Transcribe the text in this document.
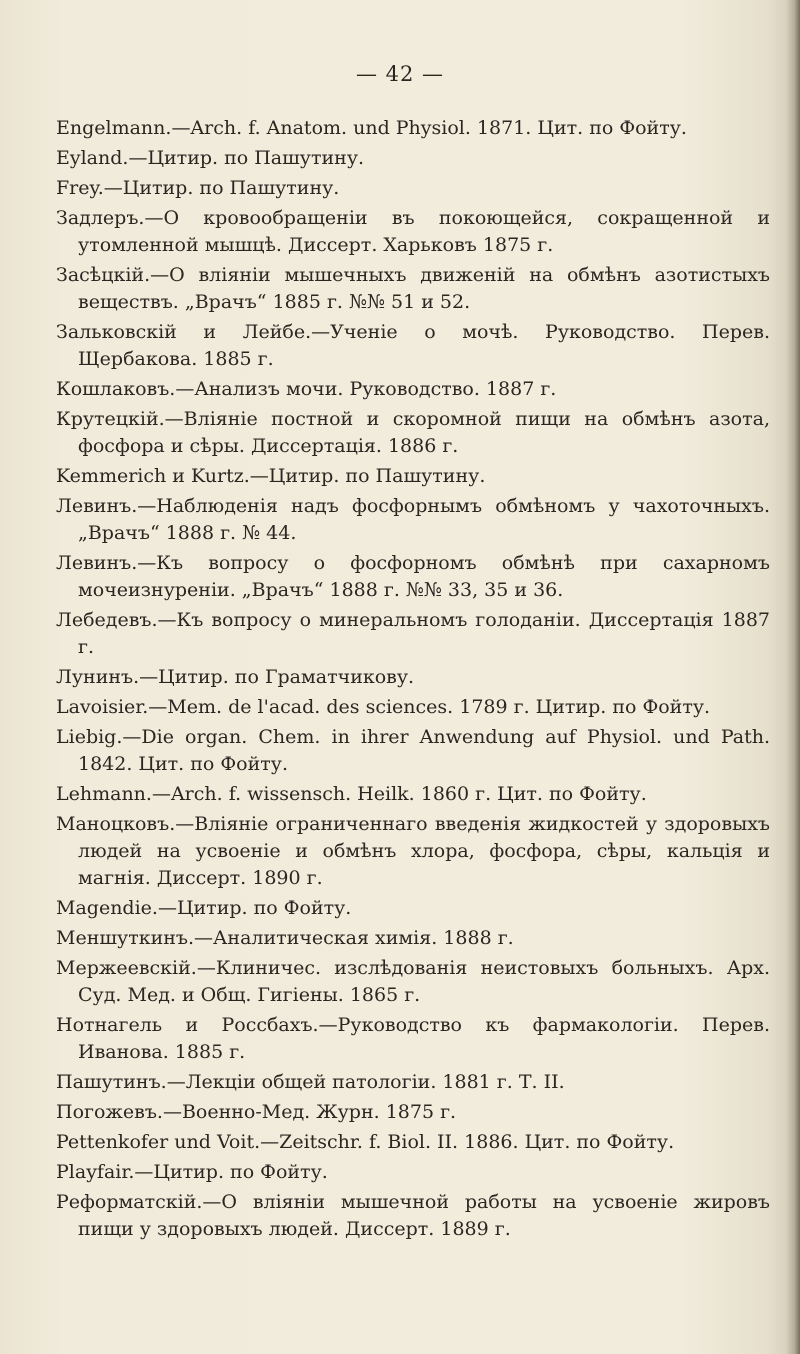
— 42 —
Engelmann.—Arch. f. Anatom. und Physiol. 1871. Цит. по Фойту.
Eyland.—Цитир. по Пашутину.
Frey.—Цитир. по Пашутину.
Задлеръ.—О кровообращеніи въ покоющейся, сокращенной и утомленной мышцѣ. Диссерт. Харьковъ 1875 г.
Засѣцкій.—О вліяніи мышечныхъ движеній на обмѣнъ азотистыхъ веществъ. „Врачъ“ 1885 г. №№ 51 и 52.
Зальковскій и Лейбе.—Ученіе о мочѣ. Руководство. Перев. Щербакова. 1885 г.
Кошлаковъ.—Анализъ мочи. Руководство. 1887 г.
Крутецкій.—Вліяніе постной и скоромной пищи на обмѣнъ азота, фосфора и сѣры. Диссертація. 1886 г.
Kemmerich и Kurtz.—Цитир. по Пашутину.
Левинъ.—Наблюденія надъ фосфорнымъ обмѣномъ у чахоточныхъ. „Врачъ“ 1888 г. № 44.
Левинъ.—Къ вопросу о фосфорномъ обмѣнѣ при сахарномъ мочеизнуреніи. „Врачъ“ 1888 г. №№ 33, 35 и 36.
Лебедевъ.—Къ вопросу о минеральномъ голоданіи. Диссертація 1887 г.
Лунинъ.—Цитир. по Граматчикову.
Lavoisier.—Mem. de l'acad. des sciences. 1789 г. Цитир. по Фойту.
Liebig.—Die organ. Chem. in ihrer Anwendung auf Physiol. und Path. 1842. Цит. по Фойту.
Lehmann.—Arch. f. wissensch. Heilk. 1860 г. Цит. по Фойту.
Маноцковъ.—Вліяніе ограниченнаго введенія жидкостей у здоровыхъ людей на усвоеніе и обмѣнъ хлора, фосфора, сѣры, кальція и магнія. Диссерт. 1890 г.
Magendie.—Цитир. по Фойту.
Меншуткинъ.—Аналитическая химія. 1888 г.
Мержеевскій.—Клиничес. изслѣдованія неистовыхъ больныхъ. Арх. Суд. Мед. и Общ. Гигіены. 1865 г.
Нотнагель и Россбахъ.—Руководство къ фармакологіи. Перев. Иванова. 1885 г.
Пашутинъ.—Лекціи общей патологіи. 1881 г. Т. II.
Погожевъ.—Военно-Мед. Журн. 1875 г.
Pettenkofer und Voit.—Zeitschr. f. Biol. II. 1886. Цит. по Фойту.
Playfair.—Цитир. по Фойту.
Реформатскій.—О вліяніи мышечной работы на усвоеніе жировъ пищи у здоровыхъ людей. Диссерт. 1889 г.
